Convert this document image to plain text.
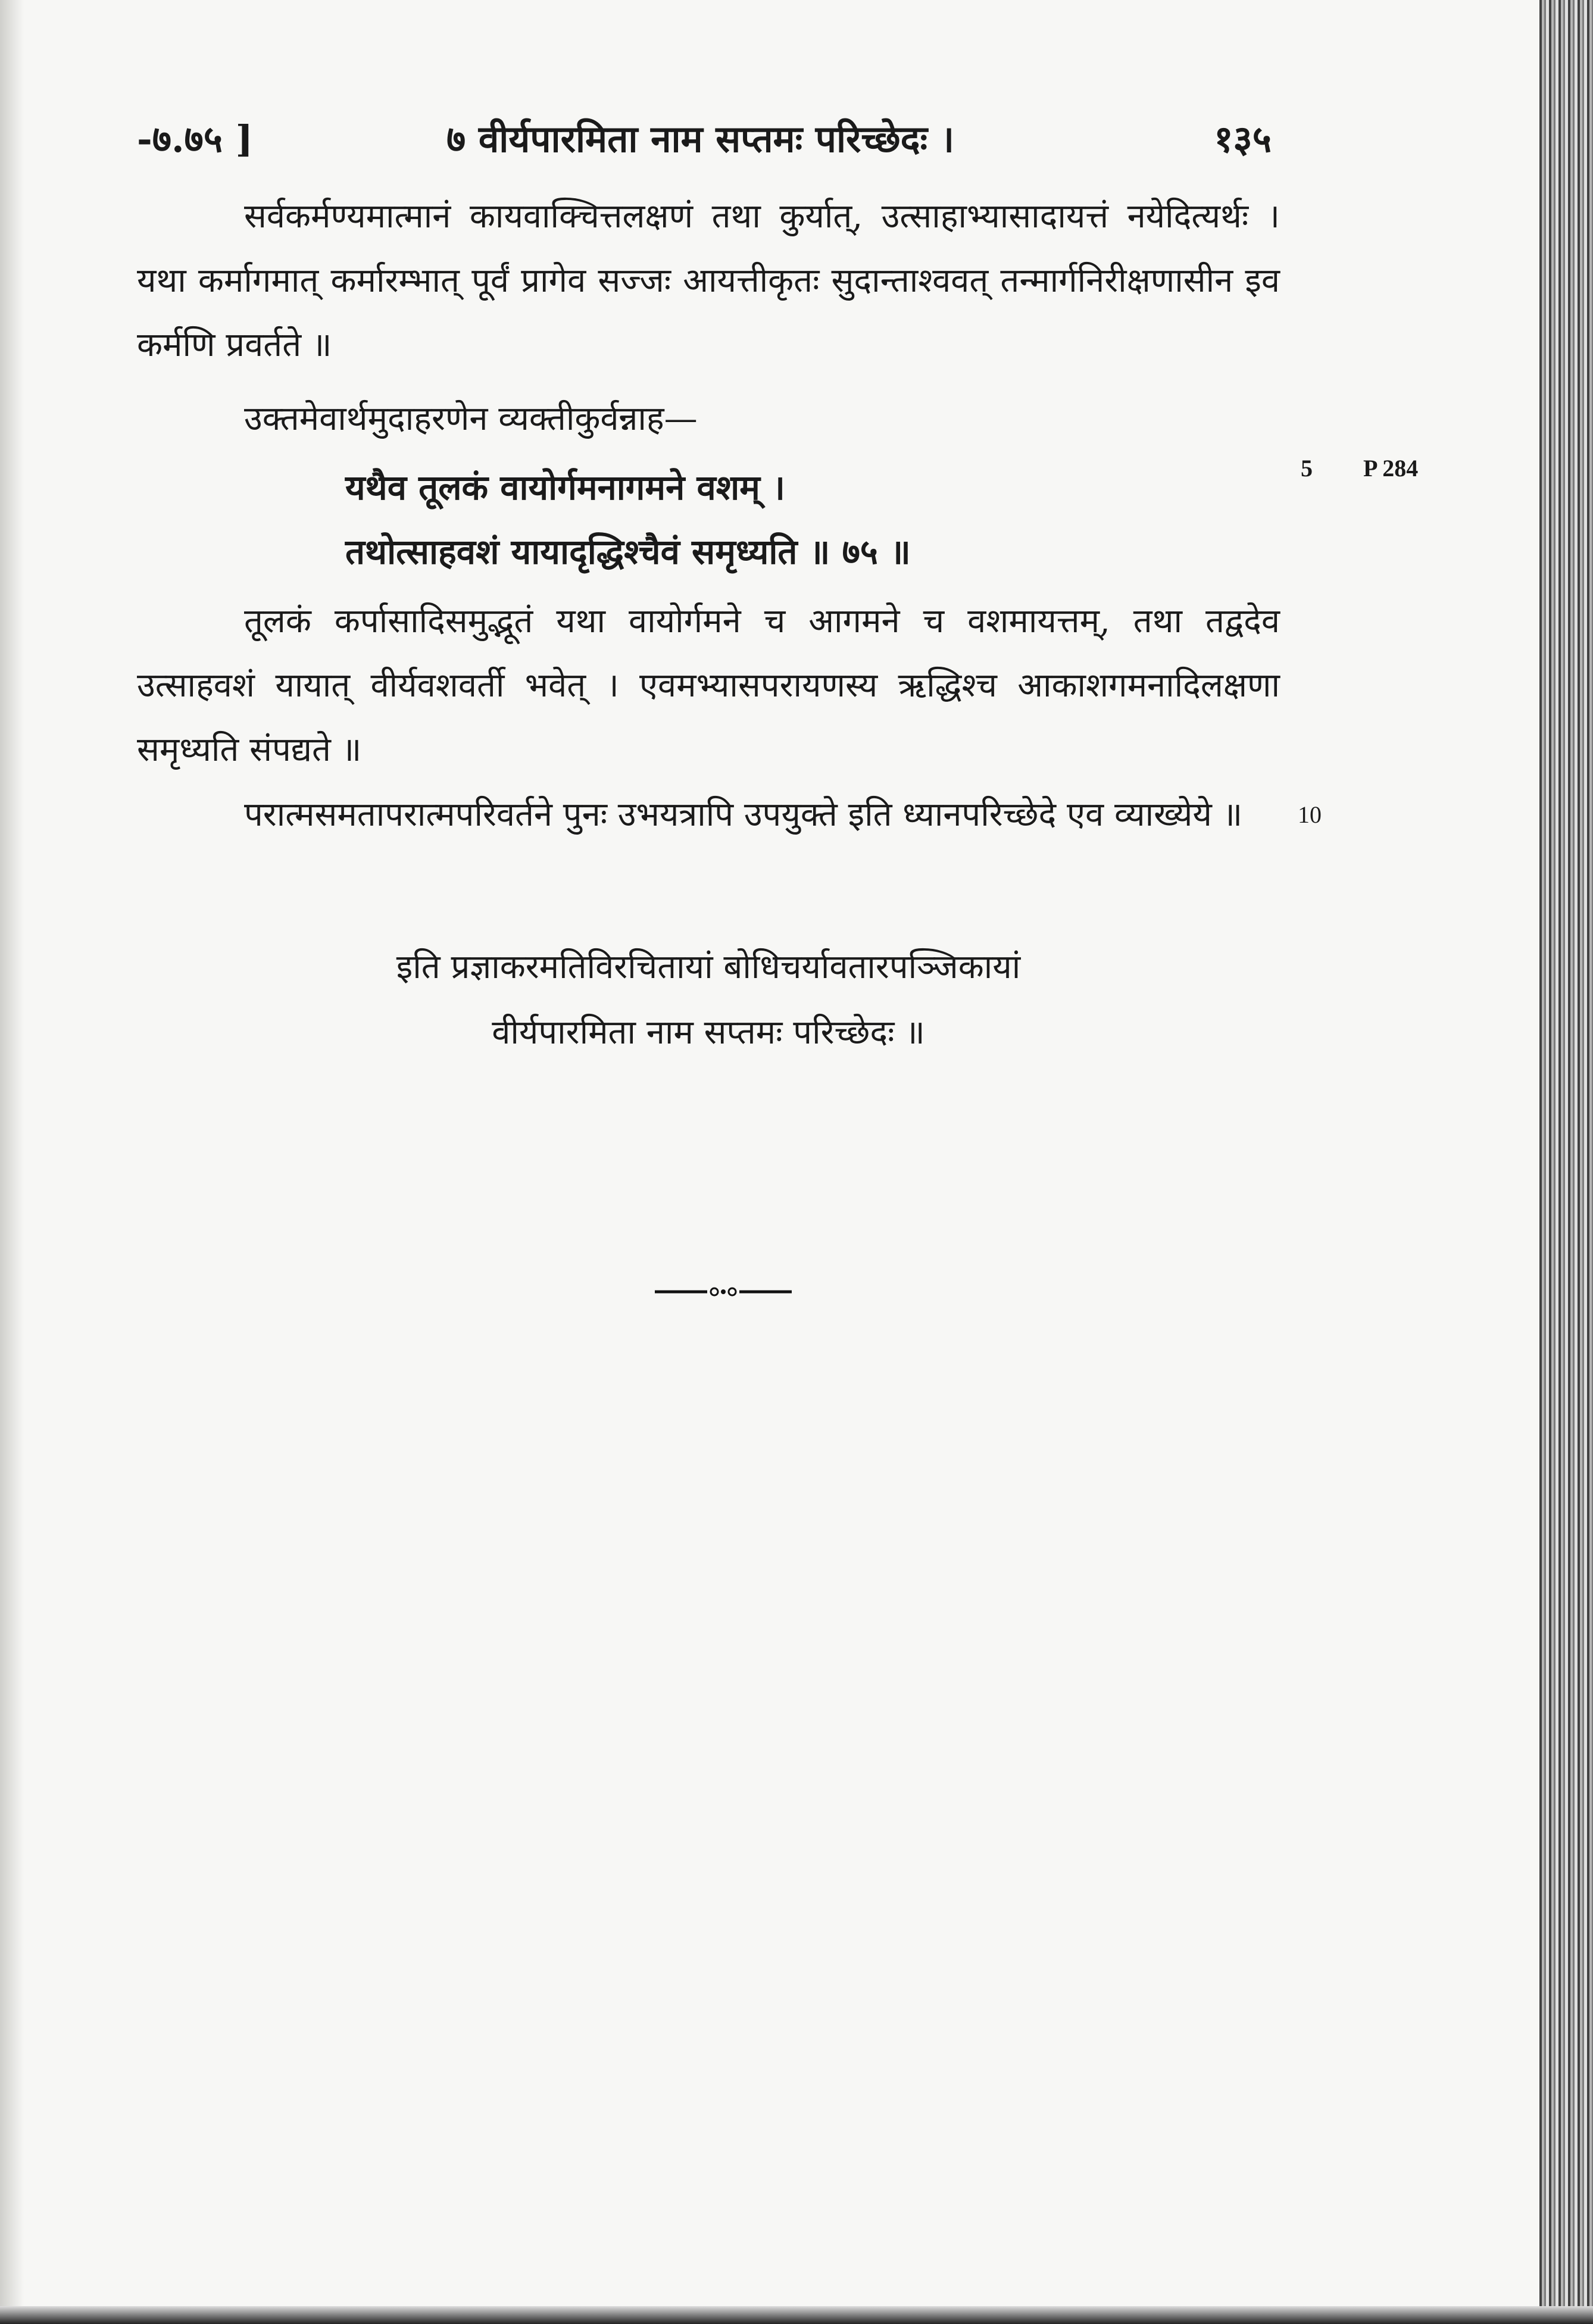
-७.७५ ]	७ वीर्यपारमिता नाम सप्तमः परिच्छेदः ।	१३५
सर्वकर्मण्यमात्मानं कायवाक्चित्तलक्षणं तथा कुर्यात्, उत्साहाभ्यासादायत्तं नयेदित्यर्थः । यथा कर्मागमात् कर्मारम्भात् पूर्वं प्रागेव सज्जः आयत्तीकृतः सुदान्ताश्ववत् तन्मार्गनिरीक्षणासीन इव कर्मणि प्रवर्तते ॥
उक्तमेवार्थमुदाहरणेन व्यक्तीकुर्वन्नाह—
यथैव तूलकं वायोर्गमनागमने वशम् ।
तथोत्साहवशं यायादृद्धिश्चैवं समृध्यति ॥ ७५ ॥
5 P 284
तूलकं कर्पासादिसमुद्भूतं यथा वायोर्गमने च आगमने च वशमायत्तम्, तथा तद्वदेव उत्साहवशं यायात् वीर्यवशवर्ती भवेत् । एवमभ्यासपरायणस्य ऋद्धिश्च आकाशगमनादिलक्षणा समृध्यति संपद्यते ॥
परात्मसमतापरात्मपरिवर्तने पुनः उभयत्रापि उपयुक्ते इति ध्यानपरिच्छेदे एव व्याख्येये ॥	10
इति प्रज्ञाकरमतिविरचितायां बोधिचर्यावतारपञ्जिकायां
वीर्यपारमिता नाम सप्तमः परिच्छेदः ॥
